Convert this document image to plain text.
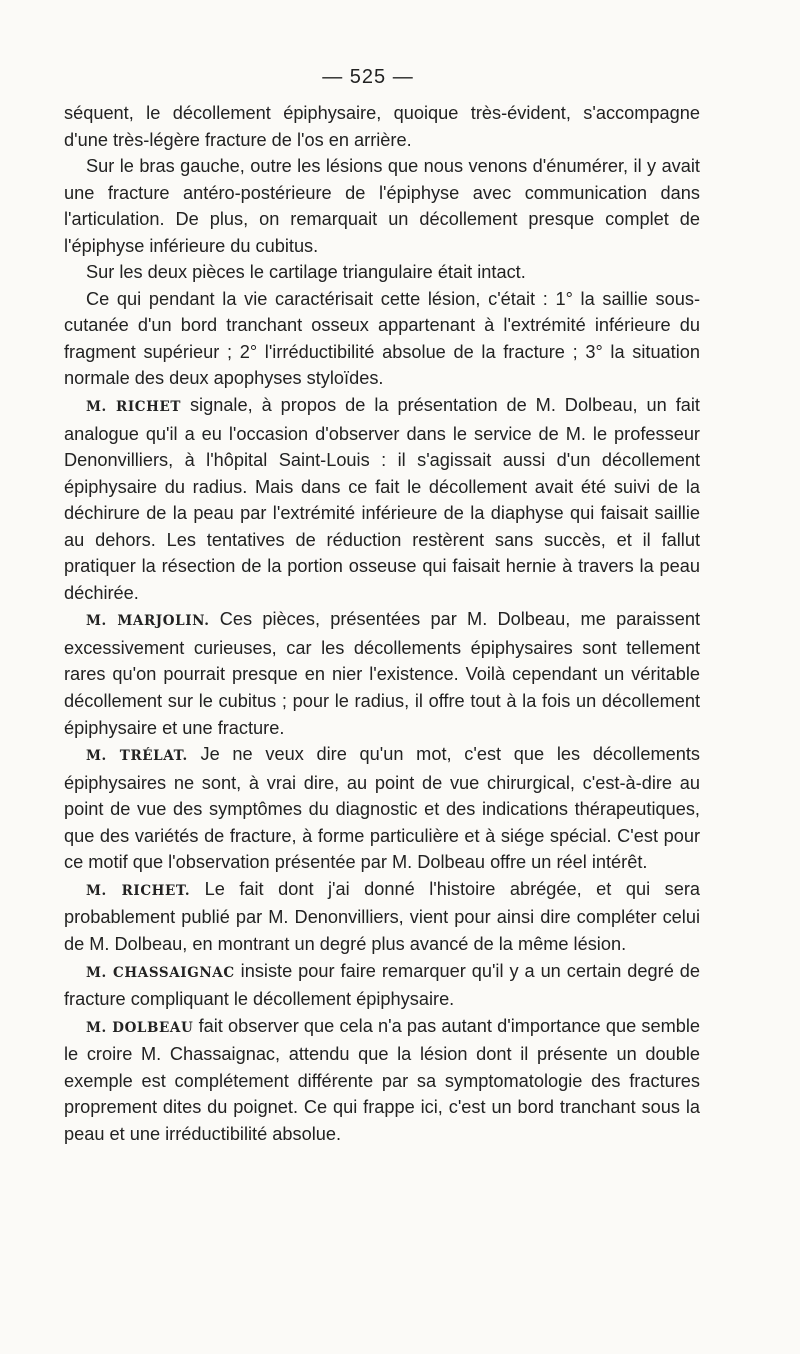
— 525 —

séquent, le décollement épiphysaire, quoique très-évident, s'accompagne d'une très-légère fracture de l'os en arrière.

Sur le bras gauche, outre les lésions que nous venons d'énumérer, il y avait une fracture antéro-postérieure de l'épiphyse avec communication dans l'articulation. De plus, on remarquait un décollement presque complet de l'épiphyse inférieure du cubitus.

Sur les deux pièces le cartilage triangulaire était intact.

Ce qui pendant la vie caractérisait cette lésion, c'était : 1° la saillie sous-cutanée d'un bord tranchant osseux appartenant à l'extrémité inférieure du fragment supérieur ; 2° l'irréductibilité absolue de la fracture ; 3° la situation normale des deux apophyses styloïdes.

M. RICHET signale, à propos de la présentation de M. Dolbeau, un fait analogue qu'il a eu l'occasion d'observer dans le service de M. le professeur Denonvilliers, à l'hôpital Saint-Louis : il s'agissait aussi d'un décollement épiphysaire du radius. Mais dans ce fait le décollement avait été suivi de la déchirure de la peau par l'extrémité inférieure de la diaphyse qui faisait saillie au dehors. Les tentatives de réduction restèrent sans succès, et il fallut pratiquer la résection de la portion osseuse qui faisait hernie à travers la peau déchirée.

M. MARJOLIN. Ces pièces, présentées par M. Dolbeau, me paraissent excessivement curieuses, car les décollements épiphysaires sont tellement rares qu'on pourrait presque en nier l'existence. Voilà cependant un véritable décollement sur le cubitus ; pour le radius, il offre tout à la fois un décollement épiphysaire et une fracture.

M. TRÉLAT. Je ne veux dire qu'un mot, c'est que les décollements épiphysaires ne sont, à vrai dire, au point de vue chirurgical, c'est-à-dire au point de vue des symptômes du diagnostic et des indications thérapeutiques, que des variétés de fracture, à forme particulière et à siége spécial. C'est pour ce motif que l'observation présentée par M. Dolbeau offre un réel intérêt.

M. RICHET. Le fait dont j'ai donné l'histoire abrégée, et qui sera probablement publié par M. Denonvilliers, vient pour ainsi dire compléter celui de M. Dolbeau, en montrant un degré plus avancé de la même lésion.

M. CHASSAIGNAC insiste pour faire remarquer qu'il y a un certain degré de fracture compliquant le décollement épiphysaire.

M. DOLBEAU fait observer que cela n'a pas autant d'importance que semble le croire M. Chassaignac, attendu que la lésion dont il présente un double exemple est complétement différente par sa symptomatologie des fractures proprement dites du poignet. Ce qui frappe ici, c'est un bord tranchant sous la peau et une irréductibilité absolue.
